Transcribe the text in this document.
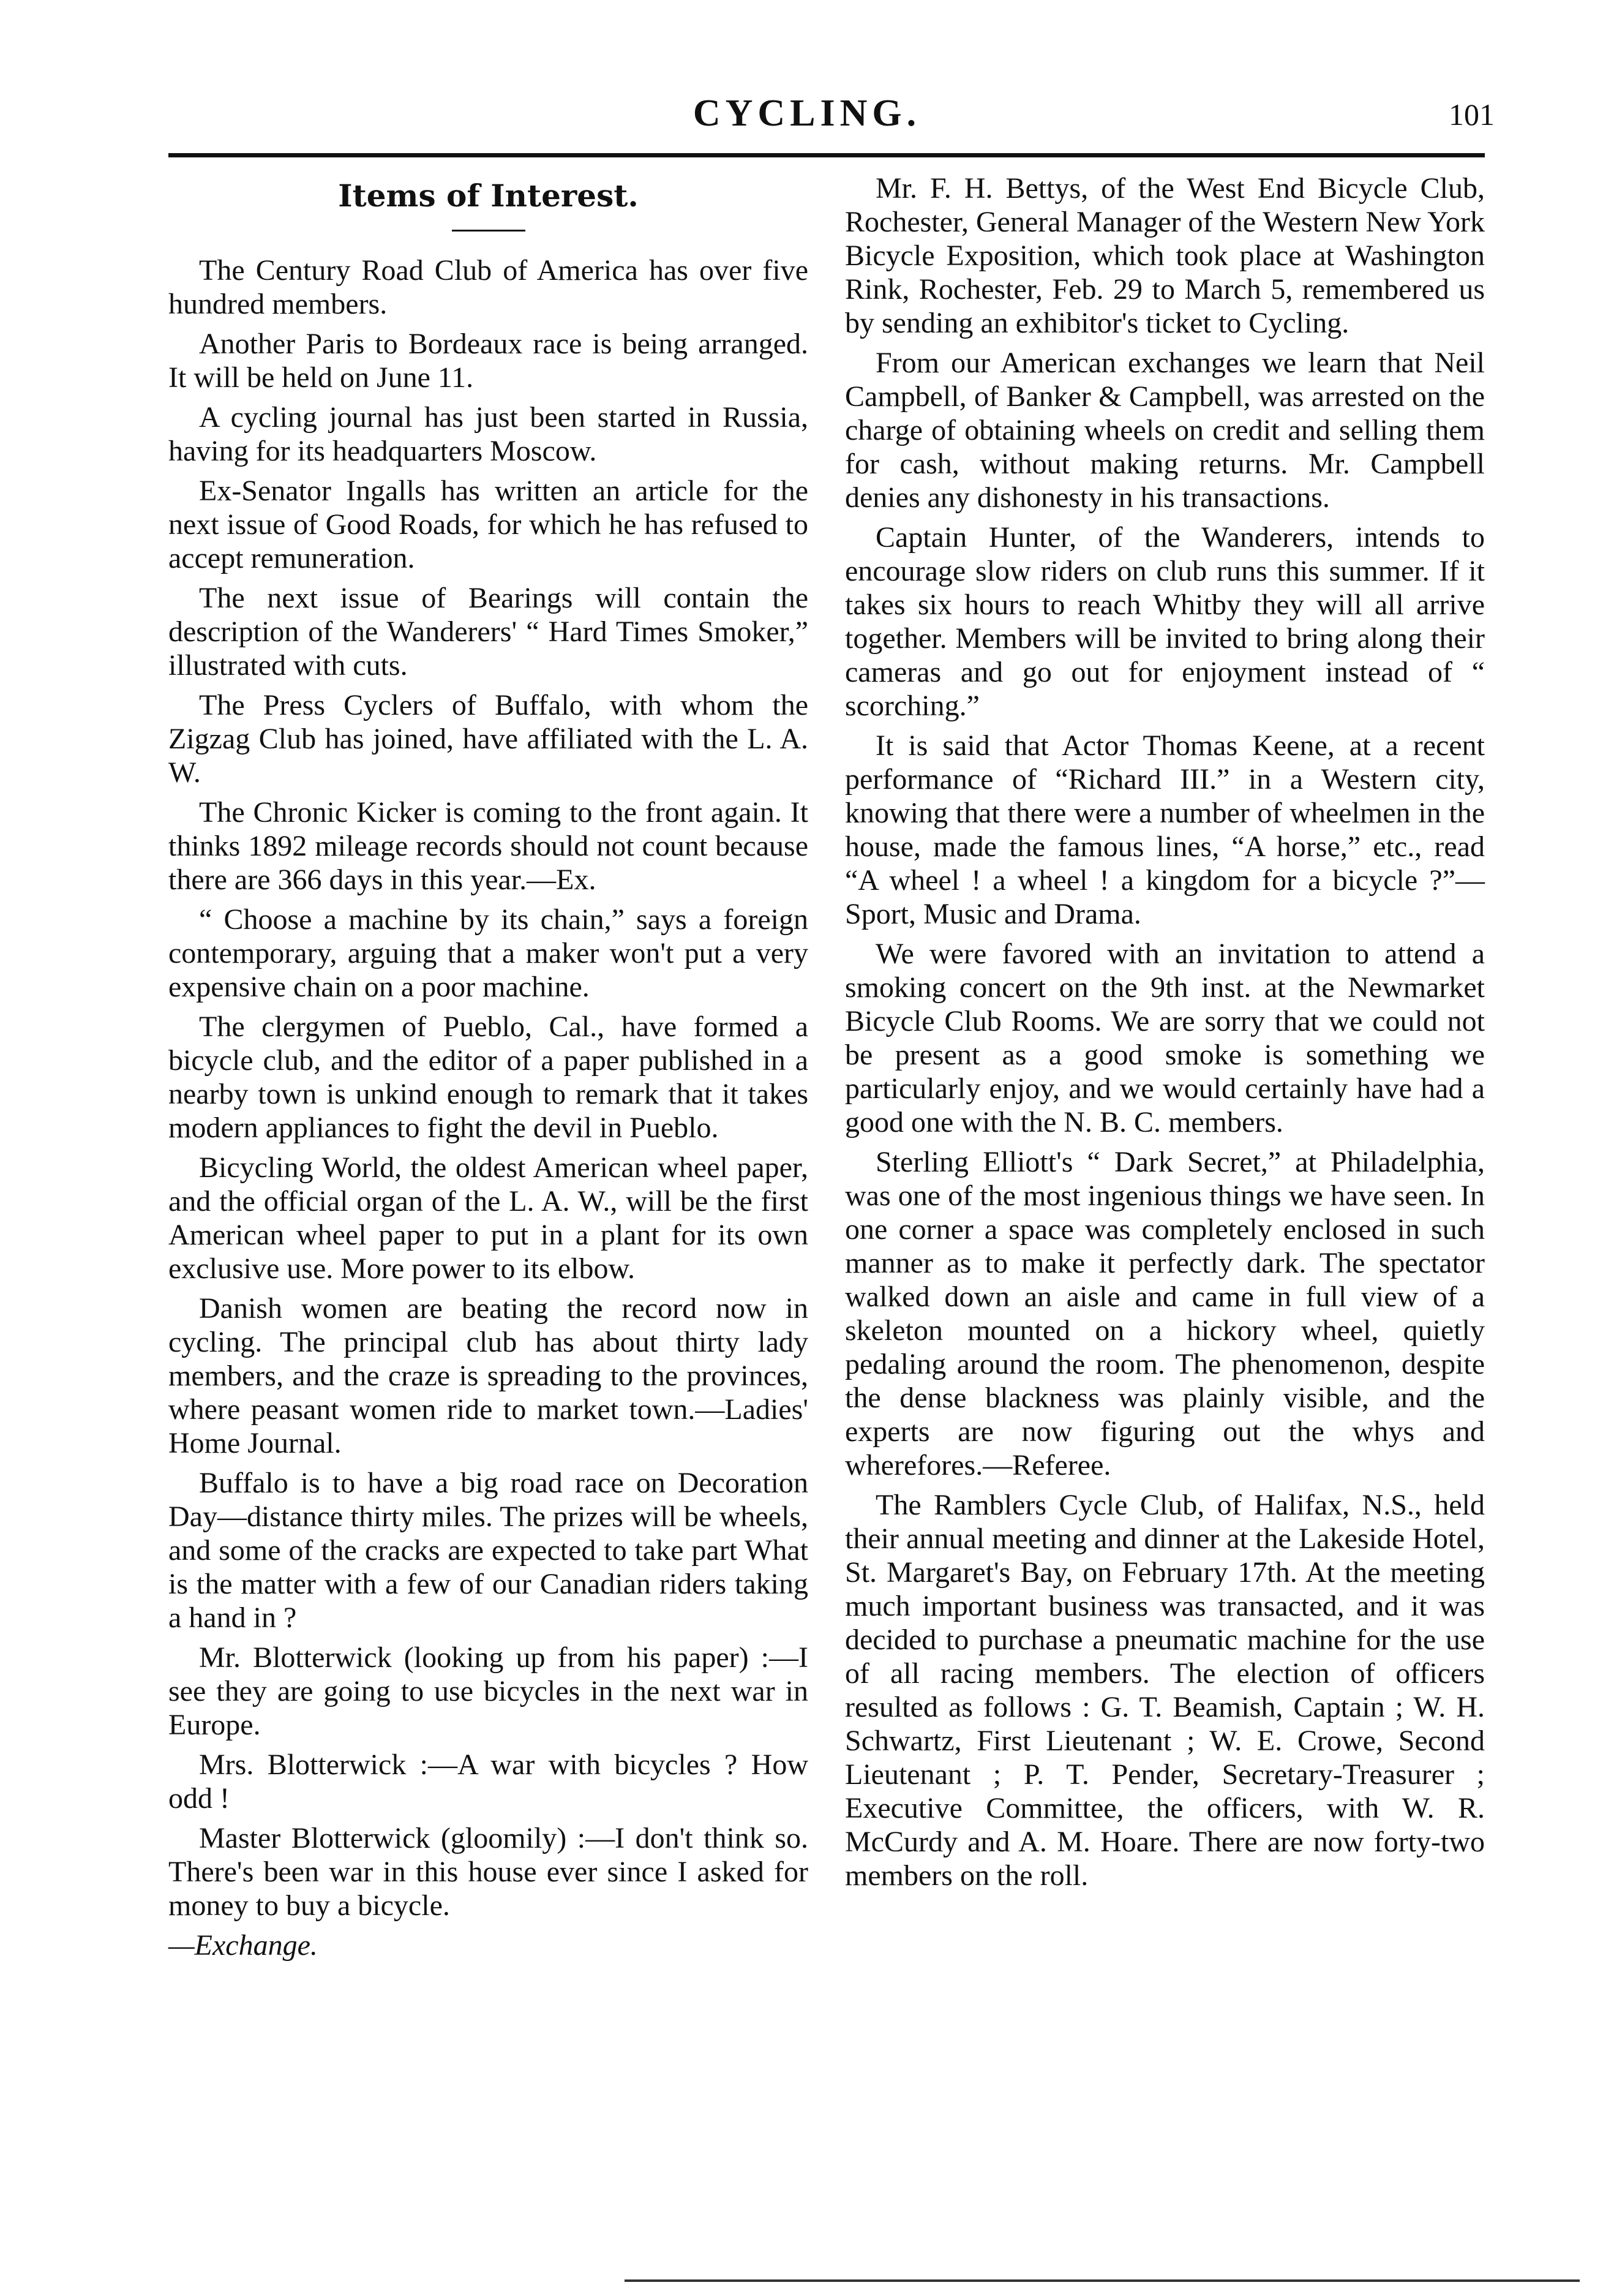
CYCLING.	101
Items of Interest.

The Century Road Club of America has over five hundred members.

Another Paris to Bordeaux race is being arranged. It will be held on June 11.

A cycling journal has just been started in Russia, having for its headquarters Moscow.

Ex-Senator Ingalls has written an article for the next issue of Good Roads, for which he has refused to accept remuneration.

The next issue of Bearings will contain the description of the Wanderers' “ Hard Times Smoker,” illustrated with cuts.

The Press Cyclers of Buffalo, with whom the Zigzag Club has joined, have affiliated with the L. A. W.

The Chronic Kicker is coming to the front again. It thinks 1892 mileage records should not count because there are 366 days in this year.—Ex.

“ Choose a machine by its chain,” says a foreign contemporary, arguing that a maker won't put a very expensive chain on a poor machine.

The clergymen of Pueblo, Cal., have formed a bicycle club, and the editor of a paper published in a nearby town is unkind enough to remark that it takes modern appliances to fight the devil in Pueblo.

Bicycling World, the oldest American wheel paper, and the official organ of the L. A. W., will be the first American wheel paper to put in a plant for its own exclusive use. More power to its elbow.

Danish women are beating the record now in cycling. The principal club has about thirty lady members, and the craze is spreading to the provinces, where peasant women ride to market town.—Ladies' Home Journal.

Buffalo is to have a big road race on Decoration Day—distance thirty miles. The prizes will be wheels, and some of the cracks are expected to take part What is the matter with a few of our Canadian riders taking a hand in ?

Mr. Blotterwick (looking up from his paper) :—I see they are going to use bicycles in the next war in Europe.

Mrs. Blotterwick :—A war with bicycles ? How odd !

Master Blotterwick (gloomily) :—I don't think so. There's been war in this house ever since I asked for money to buy a bicycle.

—Exchange.

Mr. F. H. Bettys, of the West End Bicycle Club, Rochester, General Manager of the Western New York Bicycle Exposition, which took place at Washington Rink, Rochester, Feb. 29 to March 5, remembered us by sending an exhibitor's ticket to Cycling.

From our American exchanges we learn that Neil Campbell, of Banker & Campbell, was arrested on the charge of obtaining wheels on credit and selling them for cash, without making returns. Mr. Campbell denies any dishonesty in his transactions.

Captain Hunter, of the Wanderers, intends to encourage slow riders on club runs this summer. If it takes six hours to reach Whitby they will all arrive together. Members will be invited to bring along their cameras and go out for enjoyment instead of “ scorching.”

It is said that Actor Thomas Keene, at a recent performance of “Richard III.” in a Western city, knowing that there were a number of wheelmen in the house, made the famous lines, “A horse,” etc., read “A wheel ! a wheel ! a kingdom for a bicycle ?”—Sport, Music and Drama.

We were favored with an invitation to attend a smoking concert on the 9th inst. at the Newmarket Bicycle Club Rooms. We are sorry that we could not be present as a good smoke is something we particularly enjoy, and we would certainly have had a good one with the N. B. C. members.

Sterling Elliott's “ Dark Secret,” at Philadelphia, was one of the most ingenious things we have seen. In one corner a space was completely enclosed in such manner as to make it perfectly dark. The spectator walked down an aisle and came in full view of a skeleton mounted on a hickory wheel, quietly pedaling around the room. The phenomenon, despite the dense blackness was plainly visible, and the experts are now figuring out the whys and wherefores.—Referee.

The Ramblers Cycle Club, of Halifax, N.S., held their annual meeting and dinner at the Lakeside Hotel, St. Margaret's Bay, on February 17th. At the meeting much important business was transacted, and it was decided to purchase a pneumatic machine for the use of all racing members. The election of officers resulted as follows : G. T. Beamish, Captain ; W. H. Schwartz, First Lieutenant ; W. E. Crowe, Second Lieutenant ; P. T. Pender, Secretary-Treasurer ; Executive Committee, the officers, with W. R. McCurdy and A. M. Hoare. There are now forty-two members on the roll.
